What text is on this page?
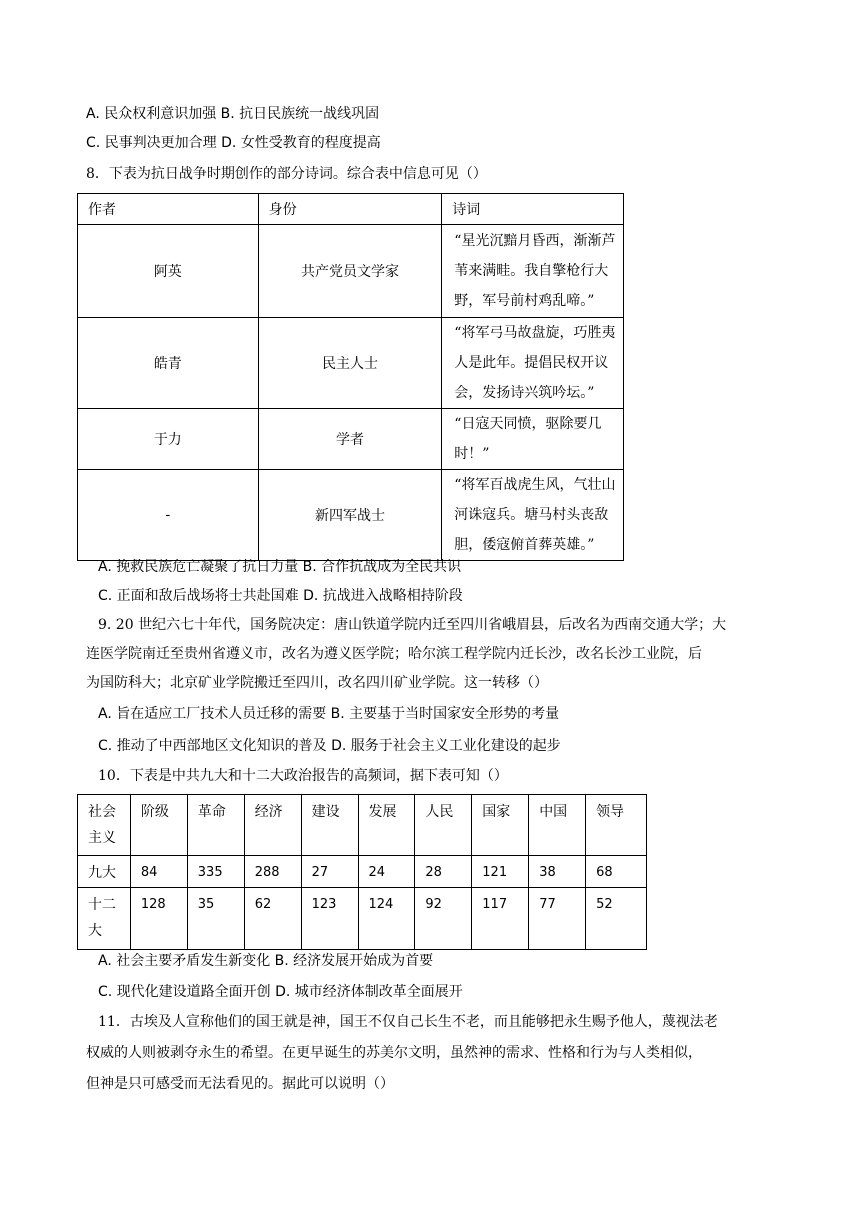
A. 民众权利意识加强 B. 抗日民族统一战线巩固
C. 民事判决更加合理 D. 女性受教育的程度提高
8．下表为抗日战争时期创作的部分诗词。综合表中信息可见（）
作者	身份	诗词
阿英	共产党员文学家	“星光沉黯月昏西，渐渐芦苇来满畦。我自擎枪行大野，军号前村鸡乱啼。”
皓青	民主人士	“将军弓马故盘旋，巧胜夷人是此年。提倡民权开议会，发扬诗兴筑吟坛。”
于力	学者	“日寇天同愤，驱除要几时！”
-	新四军战士	“将军百战虎生风，气壮山河诛寇兵。塘马村头丧敌胆，倭寇俯首葬英雄。”
A. 挽救民族危亡凝聚了抗日力量 B. 合作抗战成为全民共识
C. 正面和敌后战场将士共赴国难 D. 抗战进入战略相持阶段
9. 20 世纪六七十年代，国务院决定：唐山铁道学院内迁至四川省峨眉县，后改名为西南交通大学；大
连医学院南迁至贵州省遵义市，改名为遵义医学院；哈尔滨工程学院内迁长沙，改名长沙工业院，后
为国防科大；北京矿业学院搬迁至四川，改名四川矿业学院。这一转移（）
A. 旨在适应工厂技术人员迁移的需要 B. 主要基于当时国家安全形势的考量
C. 推动了中西部地区文化知识的普及 D. 服务于社会主义工业化建设的起步
10．下表是中共九大和十二大政治报告的高频词，据下表可知（）
社会主义	阶级	革命	经济	建设	发展	人民	国家	中国	领导
九大	84	335	288	27	24	28	121	38	68
十二大	128	35	62	123	124	92	117	77	52
A. 社会主要矛盾发生新变化 B. 经济发展开始成为首要
C. 现代化建设道路全面开创 D. 城市经济体制改革全面展开
11．古埃及人宣称他们的国王就是神，国王不仅自己长生不老，而且能够把永生赐予他人，蔑视法老
权威的人则被剥夺永生的希望。在更早诞生的苏美尔文明，虽然神的需求、性格和行为与人类相似，
但神是只可感受而无法看见的。据此可以说明（）
